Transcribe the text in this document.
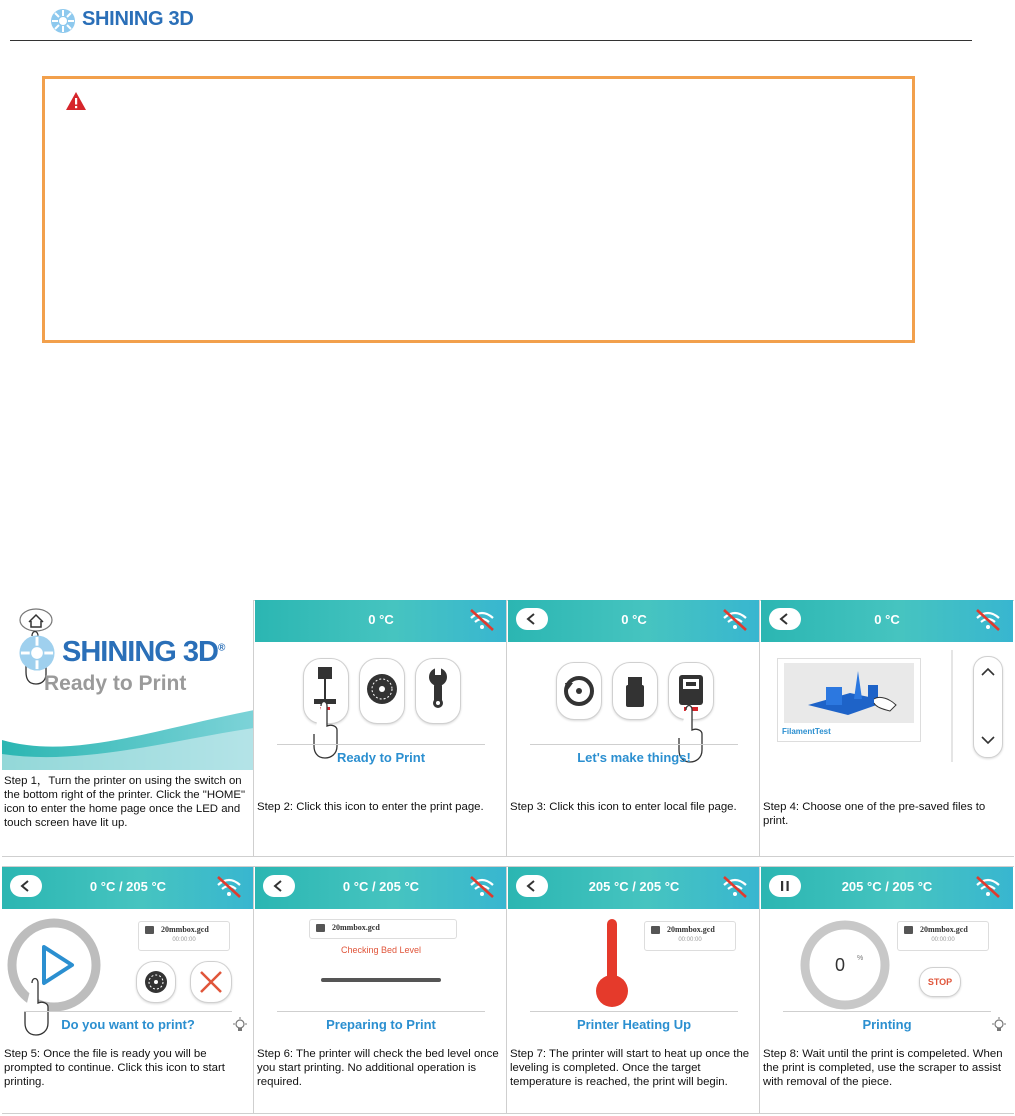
SHINING 3D
SHINING 3D®
Ready to Print
Step 1，Turn the printer on using the switch on the bottom right of the printer. Click the "HOME" icon to enter the home page once the LED and touch screen have lit up.
0 °C
Ready to Print
Step 2: Click this icon to enter the print page.
0 °C
Let's make things!
Step 3: Click this icon to enter local file page.
0 °C
FilamentTest
Step 4: Choose one of the pre-saved files to print.
0 °C / 205 °C
20mmbox.gcd
00:00:00
Do you want to print?
Step 5: Once the file is ready you will be prompted to continue. Click this icon to start printing.
0 °C / 205 °C
20mmbox.gcd
Checking Bed Level
Preparing to Print
Step 6: The printer will check the bed level once you start printing. No additional operation is required.
205 °C / 205 °C
20mmbox.gcd
00:00:00
Printer Heating Up
Step 7: The printer will start to heat up once the leveling is completed. Once the target temperature is reached, the print will begin.
205 °C / 205 °C
0 %
20mmbox.gcd
00:00:00
STOP
Printing
Step 8: Wait until the print is compeleted. When the print is completed, use the scraper to assist with removal of the piece.
